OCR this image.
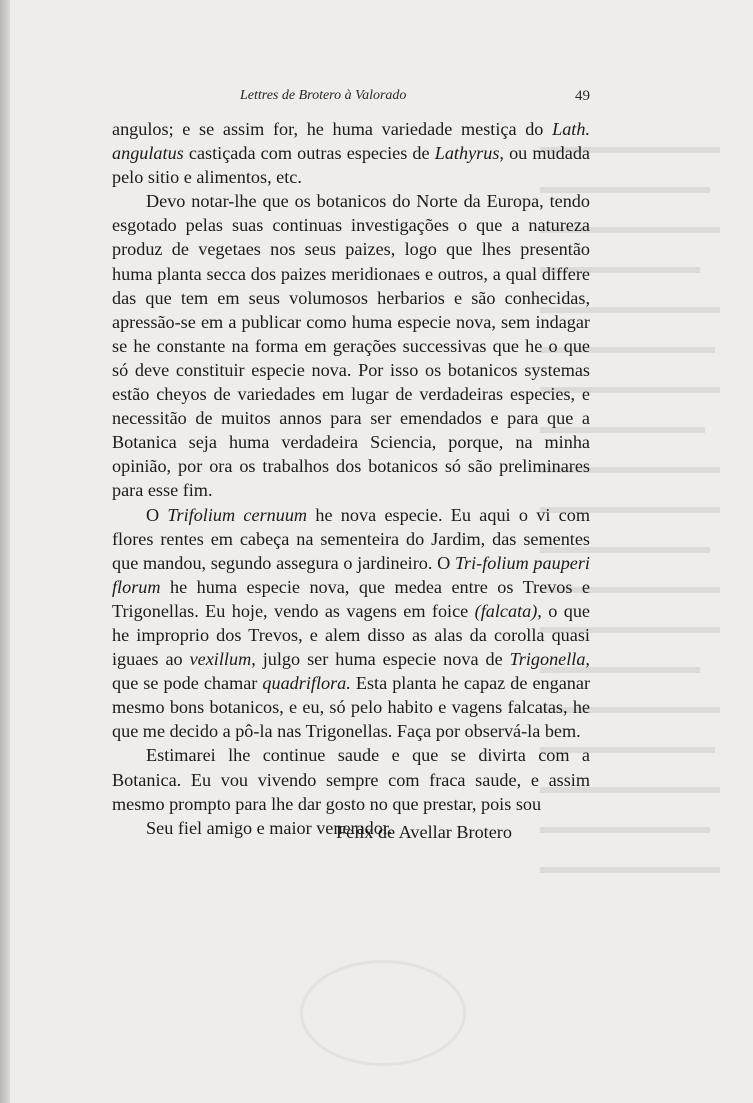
Lettres de Brotero à Valorado	49

angulos; e se assim for, he huma variedade mestiça do Lath. angulatus castiçada com outras especies de Lathyrus, ou mudada pelo sitio e alimentos, etc.

Devo notar-lhe que os botanicos do Norte da Europa, tendo esgotado pelas suas continuas investigações o que a natureza produz de vegetaes nos seus paizes, logo que lhes presentão huma planta secca dos paizes meridionaes e outros, a qual differe das que tem em seus volumosos herbarios e são conhecidas, apressão-se em a publicar como huma especie nova, sem indagar se he constante na forma em gerações successivas que he o que só deve constituir especie nova. Por isso os botanicos systemas estão cheyos de variedades em lugar de verdadeiras especies, e necessitão de muitos annos para ser emendados e para que a Botanica seja huma verdadeira Sciencia, porque, na minha opinião, por ora os trabalhos dos botanicos só são preliminares para esse fim.

O Trifolium cernuum he nova especie. Eu aqui o vi com flores rentes em cabeça na sementeira do Jardim, das sementes que mandou, segundo assegura o jardineiro. O Tri-folium pauperi florum he huma especie nova, que medea entre os Trevos e Trigonellas. Eu hoje, vendo as vagens em foice (falcata), o que he improprio dos Trevos, e alem disso as alas da corolla quasi iguaes ao vexillum, julgo ser huma especie nova de Trigonella, que se pode chamar quadriflora. Esta planta he capaz de enganar mesmo bons botanicos, e eu, só pelo habito e vagens falcatas, he que me decido a pô-la nas Trigonellas. Faça por observá-la bem.

Estimarei lhe continue saude e que se divirta com a Botanica. Eu vou vivendo sempre com fraca saude, e assim mesmo prompto para lhe dar gosto no que prestar, pois sou

Seu fiel amigo e maior venerador.

Felix de Avellar Brotero
